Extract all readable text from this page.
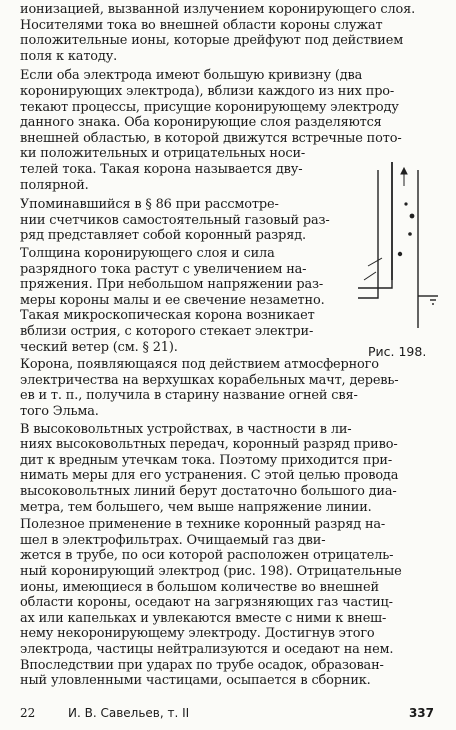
ионизацией, вызванной излучением коронирующего слоя.
Носителями тока во внешней области короны служат
положительные ионы, которые дрейфуют под действием
поля к катоду.
Если оба электрода имеют большую кривизну (два
коронирующих электрода), вблизи каждого из них про-
текают процессы, присущие коронирующему электроду
данного знака. Оба коронирующие слоя разделяются
внешней областью, в которой движутся встречные пото-
ки положительных и отрицательных носи-
телей тока. Такая корона называется дву-
полярной.
Упоминавшийся в § 86 при рассмотре-
нии счетчиков самостоятельный газовый раз-
ряд представляет собой коронный разряд.
Толщина коронирующего слоя и сила
разрядного тока растут с увеличением на-
пряжения. При небольшом напряжении раз-
меры короны малы и ее свечение незаметно.
Такая микроскопическая корона возникает
вблизи острия, с которого стекает электри-
ческий ветер (см. § 21).
Корона, появляющаяся под действием атмосферного
электричества на верхушках корабельных мачт, деревь-
ев и т. п., получила в старину название огней свя-
того Эльма.
В высоковольтных устройствах, в частности в ли-
ниях высоковольтных передач, коронный разряд приво-
дит к вредным утечкам тока. Поэтому приходится при-
нимать меры для его устранения. С этой целью провода
высоковольтных линий берут достаточно большого диа-
метра, тем большего, чем выше напряжение линии.
Полезное применение в технике коронный разряд на-
шел в электрофильтрах. Очищаемый газ дви-
жется в трубе, по оси которой расположен отрицатель-
ный коронирующий электрод (рис. 198). Отрицательные
ионы, имеющиеся в большом количестве во внешней
области короны, оседают на загрязняющих газ частиц-
ах или капельках и увлекаются вместе с ними к внеш-
нему некоронирующему электроду. Достигнув этого
электрода, частицы нейтрализуются и оседают на нем.
Впоследствии при ударах по трубе осадок, образован-
ный уловленными частицами, осыпается в сборник.
Рис. 198.
22	И. В. Савельев, т. II	337
